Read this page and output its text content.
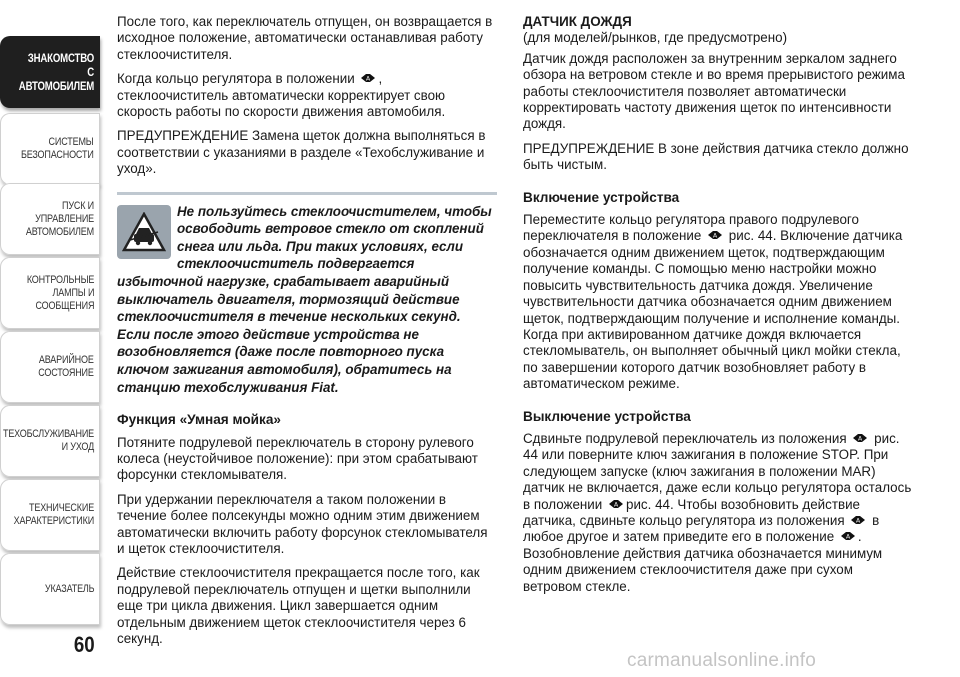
ЗНАКОМСТВО С
АВТОМОБИЛЕМ
СИСТЕМЫ
БЕЗОПАСНОСТИ
ПУСК И УПРАВЛЕНИЕ
АВТОМОБИЛЕМ
КОНТРОЛЬНЫЕ
ЛАМПЫ И
СООБЩЕНИЯ
АВАРИЙНОЕ
СОСТОЯНИЕ
ТЕХОБСЛУЖИВАНИЕ
И УХОД
ТЕХНИЧЕСКИЕ
ХАРАКТЕРИСТИКИ
УКАЗАТЕЛЬ
60

После того, как переключатель отпущен, он возвращается в исходное положение, автоматически останавливая работу стеклоочистителя.

Когда кольцо регулятора в положении A , стеклоочиститель автоматически корректирует свою скорость работы по скорости движения автомобиля.

ПРЕДУПРЕЖДЕНИЕ Замена щеток должна выполняться в соответствии с указаниями в разделе «Техобслуживание и уход».

Не пользуйтесь стеклоочистителем, чтобы освободить ветровое стекло от скоплений снега или льда. При таких условиях, если стеклоочиститель подвергается избыточной нагрузке, срабатывает аварийный выключатель двигателя, тормозящий действие стеклоочистителя в течение нескольких секунд. Если после этого действие устройства не возобновляется (даже после повторного пуска ключом зажигания автомобиля), обратитесь на станцию техобслуживания Fiat.
Функция «Умная мойка»

Потяните подрулевой переключатель в сторону рулевого колеса (неустойчивое положение): при этом срабатывают форсунки стекломывателя.

При удержании переключателя а таком положении в течение более полсекунды можно одним этим движением автоматически включить работу форсунок стекломывателя и щеток стеклоочистителя.

Действие стеклоочистителя прекращается после того, как подрулевой переключатель отпущен и щетки выполнили еще три цикла движения. Цикл завершается одним отдельным движением щеток стеклоочистителя через 6 секунд.

ДАТЧИК ДОЖДЯ

(для моделей/рынков, где предусмотрено)

Датчик дождя расположен за внутренним зеркалом заднего обзора на ветровом стекле и во время прерывистого режима работы стеклоочистителя позволяет автоматически корректировать частоту движения щеток по интенсивности дождя.

ПРЕДУПРЕЖДЕНИЕ В зоне действия датчика стекло должно быть чистым.

Включение устройства

Переместите кольцо регулятора правого подрулевого переключателя в положение A рис. 44. Включение датчика обозначается одним движением щеток, подтверждающим получение команды. С помощью меню настройки можно повысить чувствительность датчика дождя. Увеличение чувствительности датчика обозначается одним движением щеток, подтверждающим получение и исполнение команды. Когда при активированном датчике дождя включается стекломыватель, он выполняет обычный цикл мойки стекла, по завершении которого датчик возобновляет работу в автоматическом режиме.

Выключение устройства

Сдвиньте подрулевой переключатель из положения A рис. 44 или поверните ключ зажигания в положение STOP. При следующем запуске (ключ зажигания в положении MAR) датчик не включается, даже если кольцо регулятора осталось в положении A рис. 44. Чтобы возобновить действие датчика, сдвиньте кольцо регулятора из положения A в любое другое и затем приведите его в положение A . Возобновление действия датчика обозначается минимум одним движением стеклоочистителя даже при сухом ветровом стекле.

carmanualsonline.info
